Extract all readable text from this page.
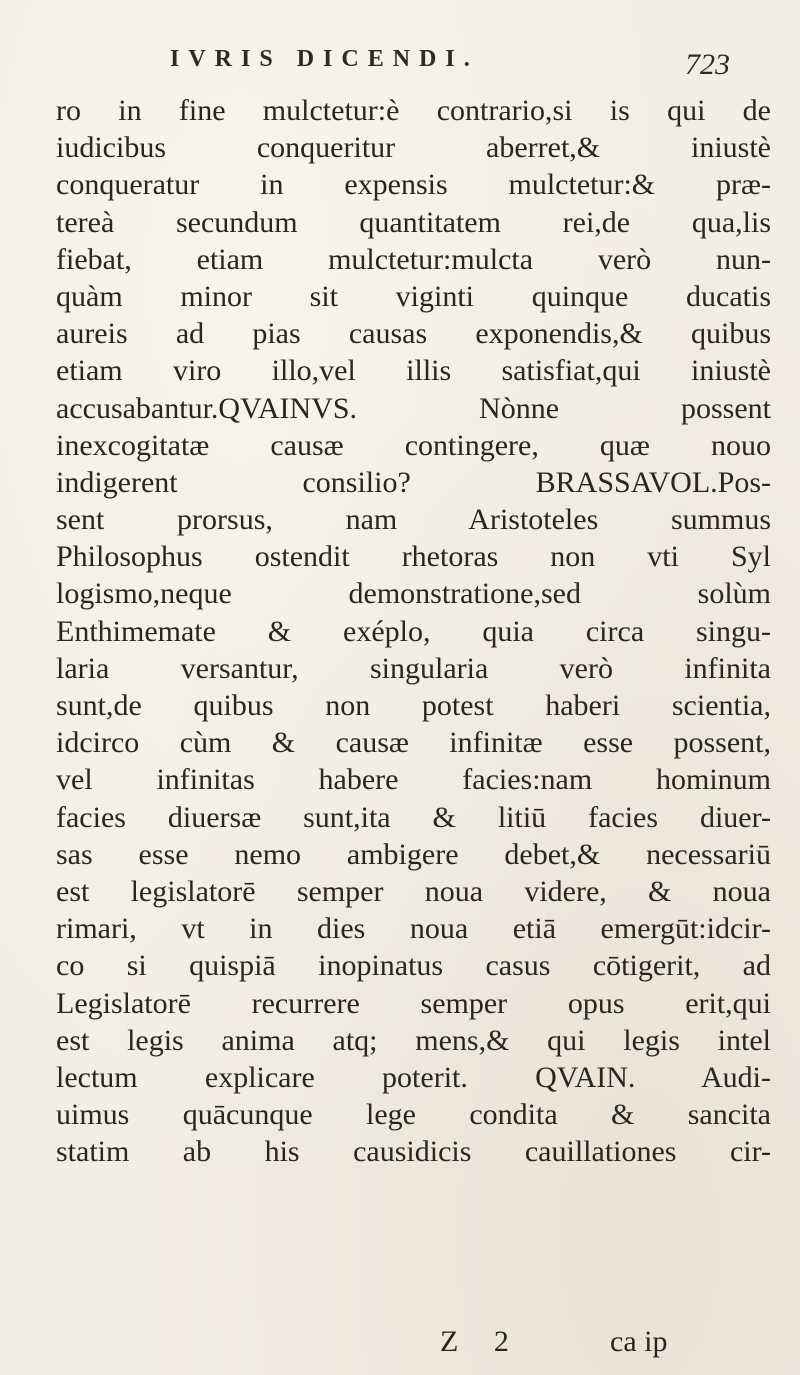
IVRIS DICENDI.	723
ro in fine mulctetur:è contrario,si is qui de
iudicibus conqueritur aberret,& iniustè
conqueratur in expensis mulctetur:& præ-
tereà secundum quantitatem rei,de qua,lis
fiebat, etiam mulctetur:mulcta verò nun-
quàm minor sit viginti quinque ducatis
aureis ad pias causas exponendis,& quibus
etiam viro illo,vel illis satisfiat,qui iniustè
accusabantur.QVAINVS. Nònne possent
inexcogitatæ causæ contingere, quæ nouo
indigerent consilio? BRASSAVOL.Pos-
sent prorsus, nam Aristoteles summus
Philosophus ostendit rhetoras non vti Syl
logismo,neque demonstratione,sed solùm
Enthimemate & exéplo, quia circa singu-
laria versantur, singularia verò infinita
sunt,de quibus non potest haberi scientia,
idcirco cùm & causæ infinitæ esse possent,
vel infinitas habere facies:nam hominum
facies diuersæ sunt,ita & litiū facies diuer-
sas esse nemo ambigere debet,& necessariū
est legislatorē semper noua videre, & noua
rimari, vt in dies noua etiā emergūt:idcir-
co si quispiā inopinatus casus cōtigerit, ad
Legislatorē recurrere semper opus erit,qui
est legis anima atq; mens,& qui legis intel
lectum explicare poterit. QVAIN. Audi-
uimus quācunque lege condita & sancita
statim ab his causidicis cauillationes cir-
Z 2	ca ip
